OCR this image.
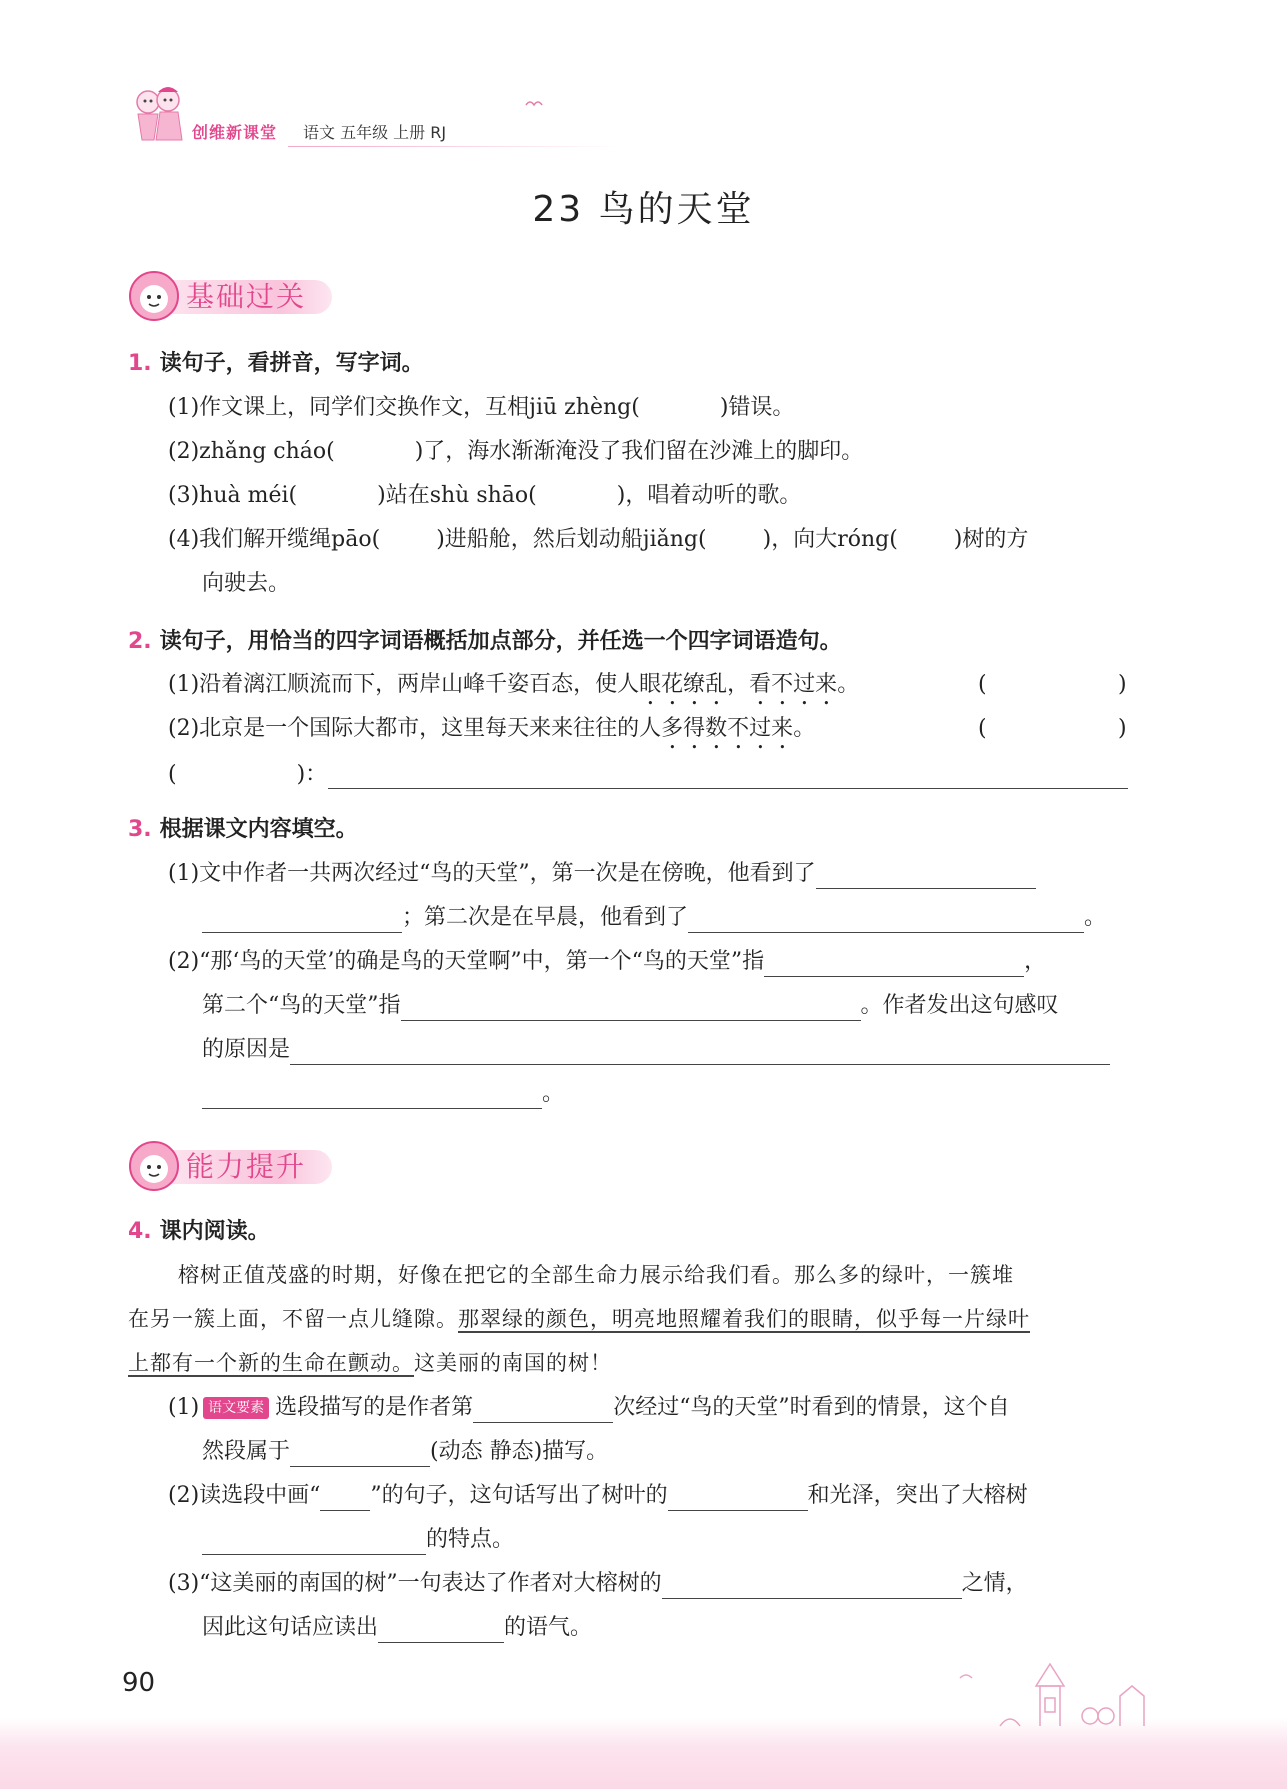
创维新课堂 语文 五年级 上册 RJ
23 鸟的天堂
基础过关
1. 读句子，看拼音，写字词。
(1)作文课上，同学们交换作文，互相jiū zhèng(	)错误。
(2)zhǎng cháo(	)了，海水渐渐淹没了我们留在沙滩上的脚印。
(3)huà méi(	)站在shù shāo(	)，唱着动听的歌。
(4)我们解开缆绳pāo(	)进船舱，然后划动船jiǎng(	)，向大róng(	)树的方
向驶去。
2. 读句子，用恰当的四字词语概括加点部分，并任选一个四字词语造句。
(1)沿着漓江顺流而下，两岸山峰千姿百态，使人眼花缭乱，看不过来。	(	)
(2)北京是一个国际大都市，这里每天来来往往的人多得数不过来。	(	)
(	)：
3. 根据课文内容填空。
(1)文中作者一共两次经过“鸟的天堂”，第一次是在傍晚，他看到了
；第二次是在早晨，他看到了	。
(2)“那‘鸟的天堂’的确是鸟的天堂啊”中，第一个“鸟的天堂”指	，
第二个“鸟的天堂”指	。作者发出这句感叹
的原因是
。
能力提升
4. 课内阅读。
榕树正值茂盛的时期，好像在把它的全部生命力展示给我们看。那么多的绿叶，一簇堆
在另一簇上面，不留一点儿缝隙。那翠绿的颜色，明亮地照耀着我们的眼睛，似乎每一片绿叶
上都有一个新的生命在颤动。这美丽的南国的树！
(1) 语文要素 选段描写的是作者第	次经过“鸟的天堂”时看到的情景，这个自
然段属于	(动态 静态)描写。
(2)读选段中画“ ”的句子，这句话写出了树叶的	和光泽，突出了大榕树
的特点。
(3)“这美丽的南国的树”一句表达了作者对大榕树的	之情，
因此这句话应读出	的语气。
90
